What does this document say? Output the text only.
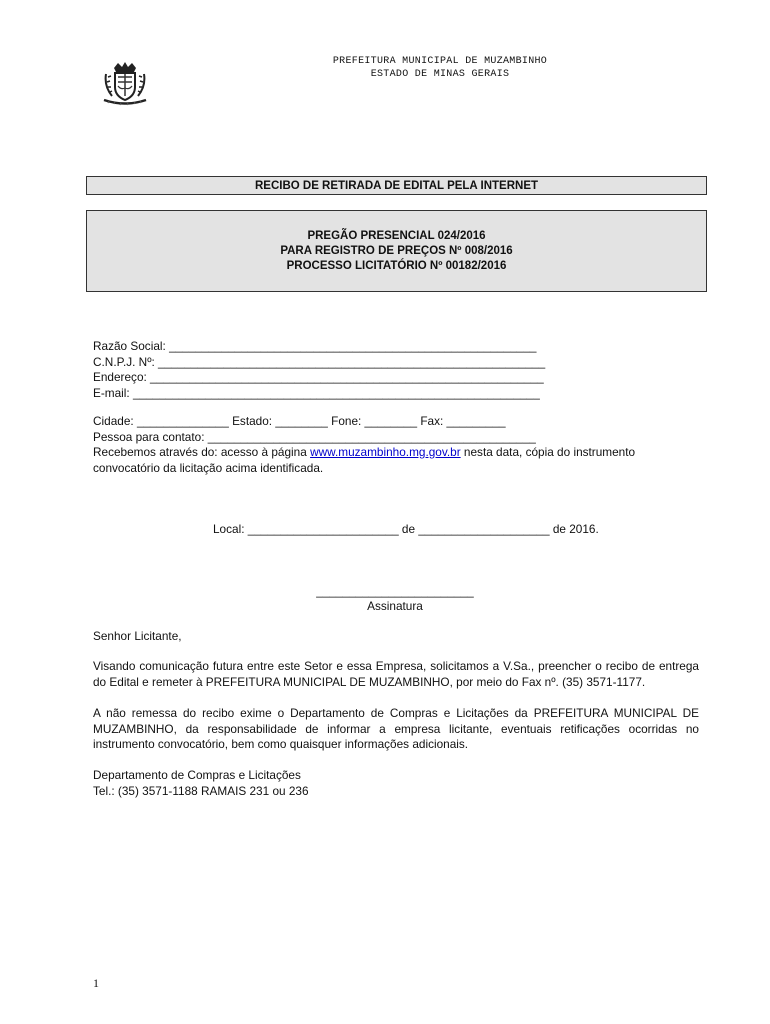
PREFEITURA MUNICIPAL DE MUZAMBINHO
ESTADO DE MINAS GERAIS
RECIBO DE RETIRADA DE EDITAL PELA INTERNET
PREGÃO PRESENCIAL 024/2016
PARA REGISTRO DE PREÇOS Nº 008/2016
PROCESSO LICITATÓRIO Nº 00182/2016
Razão Social: ________________________________________________________
C.N.P.J. Nº: ___________________________________________________________
Endereço: ____________________________________________________________
E-mail: ______________________________________________________________
Cidade: ______________ Estado: ________ Fone: ________ Fax: _________
Pessoa para contato: __________________________________________________
Recebemos através do: acesso à página www.muzambinho.mg.gov.br nesta data, cópia do instrumento
convocatório da licitação acima identificada.
Local: _______________________ de ____________________ de 2016.
________________________
Assinatura
Senhor Licitante,
Visando comunicação futura entre este Setor e essa Empresa, solicitamos a V.Sa., preencher o recibo de entrega do Edital e remeter à PREFEITURA MUNICIPAL DE MUZAMBINHO, por meio do Fax nº. (35) 3571-1177.
A não remessa do recibo exime o Departamento de Compras e Licitações da PREFEITURA MUNICIPAL DE MUZAMBINHO, da responsabilidade de informar a empresa licitante, eventuais retificações ocorridas no instrumento convocatório, bem como quaisquer informações adicionais.
Departamento de Compras e Licitações
Tel.: (35) 3571-1188 RAMAIS 231 ou 236
1
